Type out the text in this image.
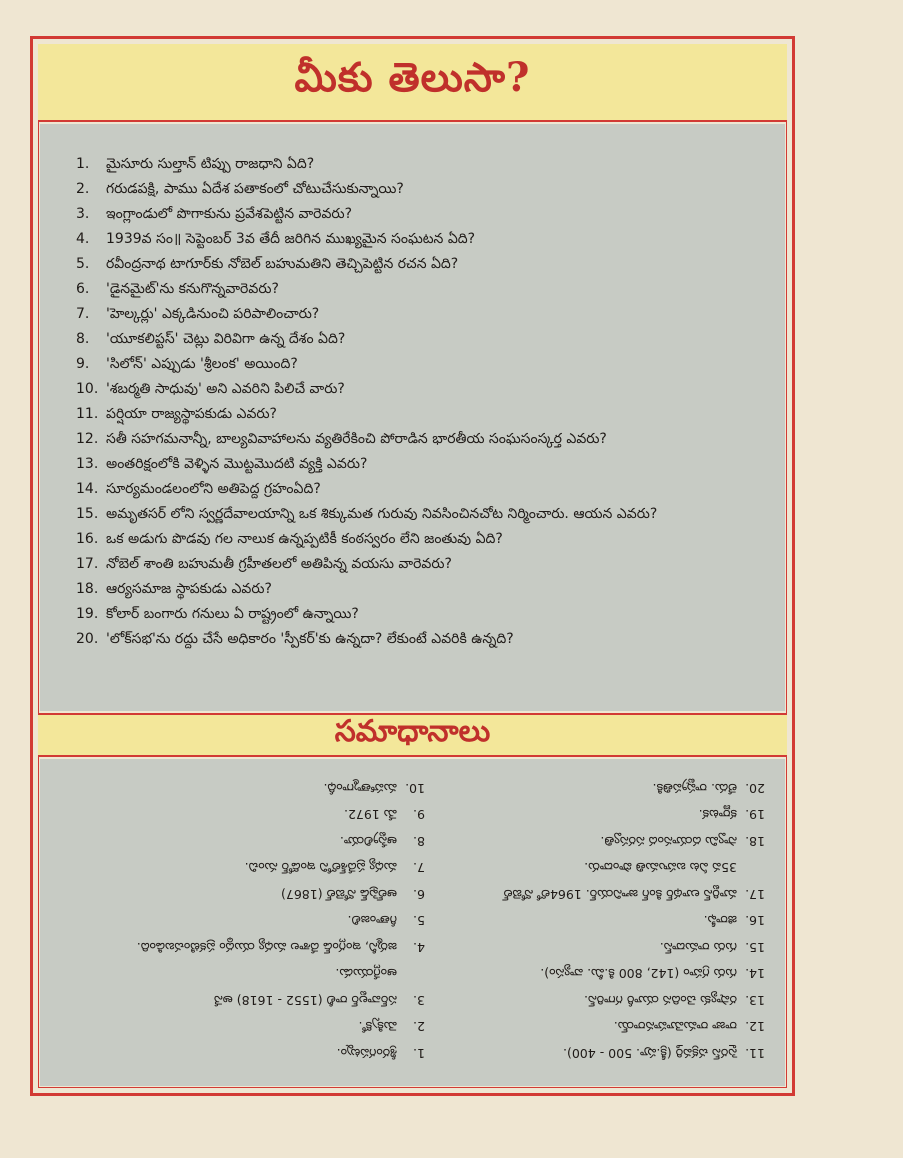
మీకు తెలుసా?
1.	మైసూరు సుల్తాన్ టిప్పు రాజధాని ఏది?
2.	గరుడపక్షి, పాము ఏదేశ పతాకంలో చోటుచేసుకున్నాయి?
3.	ఇంగ్లాండులో పొగాకును ప్రవేశపెట్టిన వారెవరు?
4.	1939వ సం॥ సెప్టెంబర్ 3వ తేదీ జరిగిన ముఖ్యమైన సంఘటన ఏది?
5.	రవీంద్రనాథ టాగూర్‌కు నోబెల్ బహుమతిని తెచ్చిపెట్టిన రచన ఏది?
6.	'డైనమైట్'ను కనుగొన్నవారెవరు?
7.	'హెల్కర్లు' ఎక్కడినుంచి పరిపాలించారు?
8.	'యూకలిప్టస్' చెట్లు విరివిగా ఉన్న దేశం ఏది?
9.	'సిలోన్' ఎప్పుడు 'శ్రీలంక' అయింది?
10. 'శబర్మతి సాధువు' అని ఎవరిని పిలిచే వారు?
11. పర్షియా రాజ్యస్థాపకుడు ఎవరు?
12. సతీ సహగమనాన్నీ, బాల్యవివాహాలను వ్యతిరేకించి పోరాడిన భారతీయ సంఘసంస్కర్త ఎవరు?
13. అంతరిక్షంలోకి వెళ్ళిన మొట్టమొదటి వ్యక్తి ఎవరు?
14. సూర్యమండలంలోని అతిపెద్ద గ్రహంఏది?
15. అమృతసర్ లోని స్వర్ణదేవాలయాన్ని ఒక శిక్కుమత గురువు నివసించినచోట నిర్మించారు. ఆయన ఎవరు?
16. ఒక అడుగు పొడవు గల నాలుక ఉన్నప్పటికీ కంఠస్వరం లేని జంతువు ఏది?
17. నోబెల్ శాంతి బహుమతీ గ్రహీతలలో అతిపిన్న వయసు వారెవరు?
18. ఆర్యసమాజ స్థాపకుడు ఎవరు?
19. కోలార్ బంగారు గనులు ఏ రాష్ట్రంలో ఉన్నాయి?
20. 'లోక్‌సభ'ను రద్దు చేసే అధికారం 'స్పీకర్'కు ఉన్నదా? లేకుంటే ఎవరికి ఉన్నది?
సమాధానాలు
1.శ్రీరంగపట్నం.
2.మెక్సికో.
3.సర్‌వాల్టర్ రాలీ (1552 - 1618) అనే
ఆంగ్లేయుడు.
4.జర్మనీ, ఇంగ్లండ్ దేశాల మధ్య యుద్ధం ప్రకటించబడింది.
5.గీతాంజలి.
6.ఆల్‌ఫ్రెడ్ నోబెల్ (1867)
7.మధ్య ప్రదేశ్‌లోని ఇండోర్ నుంచి.
8.ఆస్ట్రేలియా.
9.మే 1972.
10.మహాత్మాగాంధీ.
11.సైరస్ చక్రవర్తి (క్రీ.పూ. 500 - 400).
12.రాజా రామమోహనరాయ్.
13.రష్యాకు చెందిన యూరీ గగారిన్.
14.గురు గ్రహం (142, 800 కి.మీ. వ్యాసం).
15.గురు రామదాస్.
16.జిరాఫీ.
17.మార్టిన్ లూథర్ కింగ్ జూనియర్. 1964లో నోబెల్
35వ ఏట బహుమతి పొందారు.
18.స్వామి దయానంద సరస్వతి.
19.కర్ణాటక.
20.లేదు. రాష్ట్రపతికి.
